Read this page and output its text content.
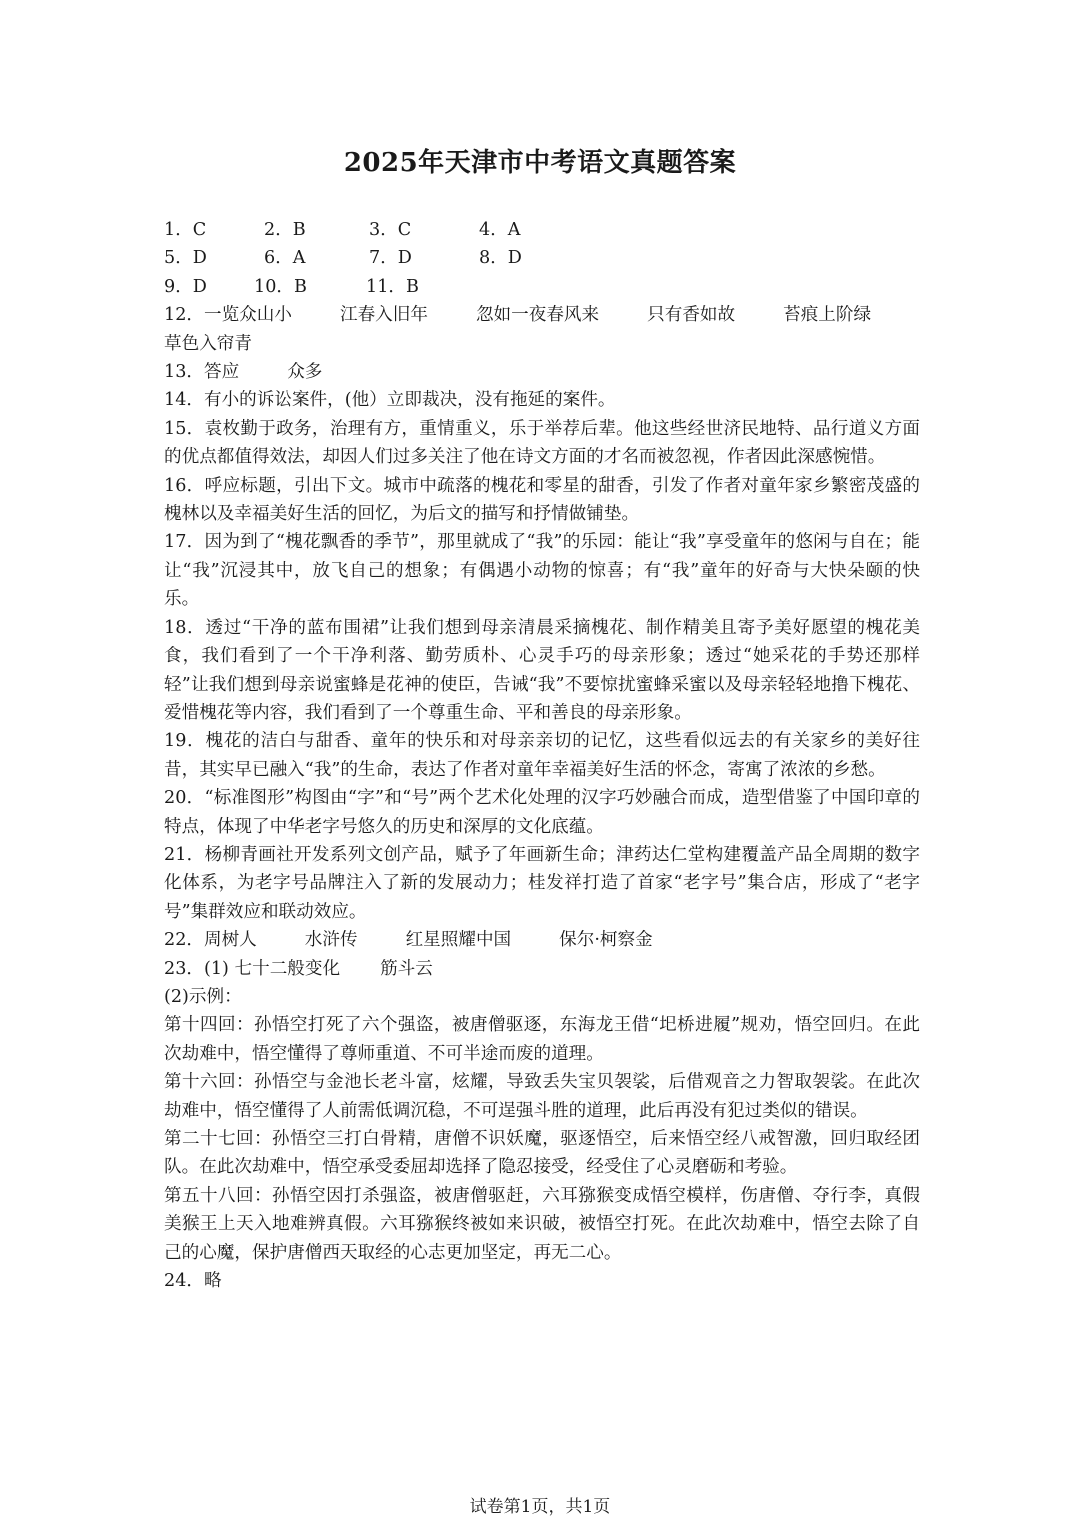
2025年天津市中考语文真题答案
1．C	2．B	3．C	4．A
5．D	6．A	7．D	8．D
9．D	10．B	11．B
12．一览众山小	江春入旧年	忽如一夜春风来	只有香如故	苔痕上阶绿
草色入帘青
13．答应	众多
14．有小的诉讼案件，(他）立即裁决，没有拖延的案件。
15．袁枚勤于政务，治理有方，重情重义，乐于举荐后辈。他这些经世济民地特、品行道义方面的优点都值得效法，却因人们过多关注了他在诗文方面的才名而被忽视，作者因此深感惋惜。
16．呼应标题，引出下文。城市中疏落的槐花和零星的甜香，引发了作者对童年家乡繁密茂盛的槐林以及幸福美好生活的回忆，为后文的描写和抒情做铺垫。
17．因为到了“槐花飘香的季节”，那里就成了“我”的乐园：能让“我”享受童年的悠闲与自在；能让“我”沉浸其中，放飞自己的想象；有偶遇小动物的惊喜；有“我”童年的好奇与大快朵颐的快乐。
18．透过“干净的蓝布围裙”让我们想到母亲清晨采摘槐花、制作精美且寄予美好愿望的槐花美食，我们看到了一个干净利落、勤劳质朴、心灵手巧的母亲形象；透过“她采花的手势还那样轻”让我们想到母亲说蜜蜂是花神的使臣，告诫“我”不要惊扰蜜蜂采蜜以及母亲轻轻地撸下槐花、爱惜槐花等内容，我们看到了一个尊重生命、平和善良的母亲形象。
19．槐花的洁白与甜香、童年的快乐和对母亲亲切的记忆，这些看似远去的有关家乡的美好往昔，其实早已融入“我”的生命，表达了作者对童年幸福美好生活的怀念，寄寓了浓浓的乡愁。
20．“标准图形”构图由“字”和“号”两个艺术化处理的汉字巧妙融合而成，造型借鉴了中国印章的特点，体现了中华老字号悠久的历史和深厚的文化底蕴。
21．杨柳青画社开发系列文创产品，赋予了年画新生命；津药达仁堂构建覆盖产品全周期的数字化体系，为老字号品牌注入了新的发展动力；桂发祥打造了首家“老字号”集合店，形成了“老字号”集群效应和联动效应。
22．周树人	水浒传	红星照耀中国	保尔·柯察金
23．(1) 七十二般变化 筋斗云
(2)示例：
第十四回：孙悟空打死了六个强盗，被唐僧驱逐，东海龙王借“圯桥进履”规劝，悟空回归。在此次劫难中，悟空懂得了尊师重道、不可半途而废的道理。
第十六回：孙悟空与金池长老斗富，炫耀，导致丢失宝贝袈裟，后借观音之力智取袈裟。在此次劫难中，悟空懂得了人前需低调沉稳，不可逞强斗胜的道理，此后再没有犯过类似的错误。
第二十七回：孙悟空三打白骨精，唐僧不识妖魔，驱逐悟空，后来悟空经八戒智激，回归取经团队。在此次劫难中，悟空承受委屈却选择了隐忍接受，经受住了心灵磨砺和考验。
第五十八回：孙悟空因打杀强盗，被唐僧驱赶，六耳猕猴变成悟空模样，伤唐僧、夺行李，真假美猴王上天入地难辨真假。六耳猕猴终被如来识破，被悟空打死。在此次劫难中，悟空去除了自己的心魔，保护唐僧西天取经的心志更加坚定，再无二心。
24．略
试卷第1页，共1页
